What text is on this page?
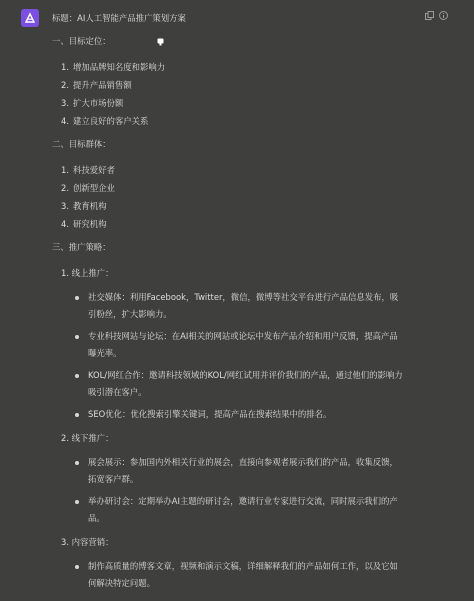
标题：AI人工智能产品推广策划方案
一、目标定位：
1. 增加品牌知名度和影响力
2. 提升产品销售额
3. 扩大市场份额
4. 建立良好的客户关系
二、目标群体：
1. 科技爱好者
2. 创新型企业
3. 教育机构
4. 研究机构
三、推广策略：
1. 线上推广：
社交媒体：利用Facebook，Twitter，微信，微博等社交平台进行产品信息发布，吸引粉丝，扩大影响力。
专业科技网站与论坛：在AI相关的网站或论坛中发布产品介绍和用户反馈，提高产品曝光率。
KOL/网红合作：邀请科技领域的KOL/网红试用并评价我们的产品，通过他们的影响力吸引潜在客户。
SEO优化：优化搜索引擎关键词，提高产品在搜索结果中的排名。
2. 线下推广：
展会展示：参加国内外相关行业的展会，直接向参观者展示我们的产品，收集反馈，拓宽客户群。
举办研讨会：定期举办AI主题的研讨会，邀请行业专家进行交流，同时展示我们的产品。
3. 内容营销：
制作高质量的博客文章，视频和演示文稿，详细解释我们的产品如何工作，以及它如何解决特定问题。
